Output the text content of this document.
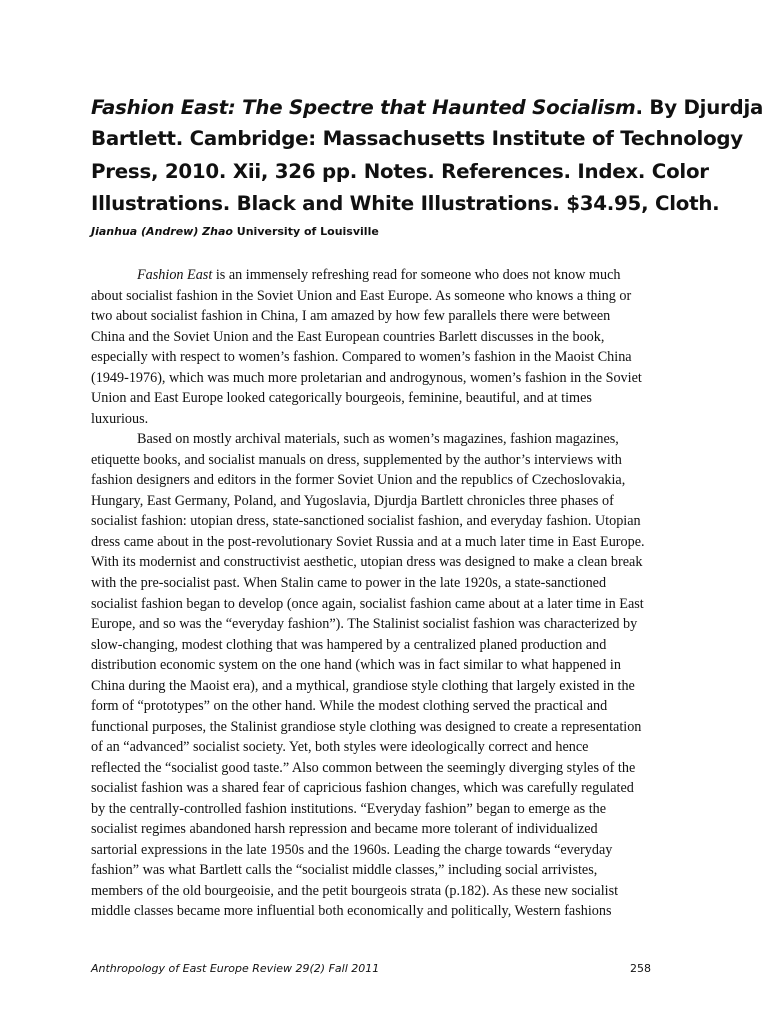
Fashion East: The Spectre that Haunted Socialism. By Djurdja
Bartlett. Cambridge: Massachusetts Institute of Technology
Press, 2010. Xii, 326 pp. Notes. References. Index. Color
Illustrations. Black and White Illustrations. $34.95, Cloth.
Jianhua (Andrew) Zhao University of Louisville
Fashion East is an immensely refreshing read for someone who does not know much
about socialist fashion in the Soviet Union and East Europe. As someone who knows a thing or
two about socialist fashion in China, I am amazed by how few parallels there were between
China and the Soviet Union and the East European countries Barlett discusses in the book,
especially with respect to women’s fashion. Compared to women’s fashion in the Maoist China
(1949-1976), which was much more proletarian and androgynous, women’s fashion in the Soviet
Union and East Europe looked categorically bourgeois, feminine, beautiful, and at times
luxurious.
Based on mostly archival materials, such as women’s magazines, fashion magazines,
etiquette books, and socialist manuals on dress, supplemented by the author’s interviews with
fashion designers and editors in the former Soviet Union and the republics of Czechoslovakia,
Hungary, East Germany, Poland, and Yugoslavia, Djurdja Bartlett chronicles three phases of
socialist fashion: utopian dress, state-sanctioned socialist fashion, and everyday fashion. Utopian
dress came about in the post-revolutionary Soviet Russia and at a much later time in East Europe.
With its modernist and constructivist aesthetic, utopian dress was designed to make a clean break
with the pre-socialist past. When Stalin came to power in the late 1920s, a state-sanctioned
socialist fashion began to develop (once again, socialist fashion came about at a later time in East
Europe, and so was the “everyday fashion”). The Stalinist socialist fashion was characterized by
slow-changing, modest clothing that was hampered by a centralized planed production and
distribution economic system on the one hand (which was in fact similar to what happened in
China during the Maoist era), and a mythical, grandiose style clothing that largely existed in the
form of “prototypes” on the other hand. While the modest clothing served the practical and
functional purposes, the Stalinist grandiose style clothing was designed to create a representation
of an “advanced” socialist society. Yet, both styles were ideologically correct and hence
reflected the “socialist good taste.” Also common between the seemingly diverging styles of the
socialist fashion was a shared fear of capricious fashion changes, which was carefully regulated
by the centrally-controlled fashion institutions. “Everyday fashion” began to emerge as the
socialist regimes abandoned harsh repression and became more tolerant of individualized
sartorial expressions in the late 1950s and the 1960s. Leading the charge towards “everyday
fashion” was what Bartlett calls the “socialist middle classes,” including social arrivistes,
members of the old bourgeoisie, and the petit bourgeois strata (p.182). As these new socialist
middle classes became more influential both economically and politically, Western fashions
Anthropology of East Europe Review 29(2) Fall 2011	258
